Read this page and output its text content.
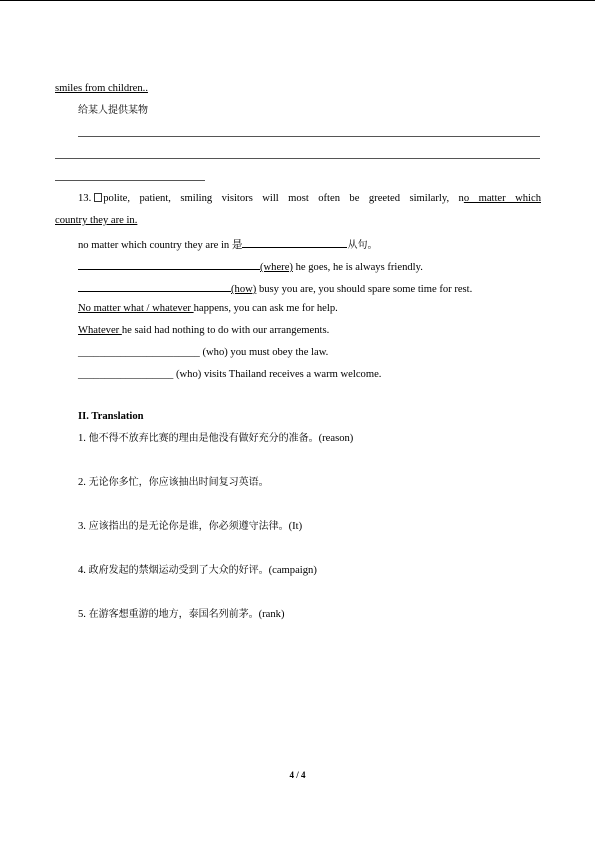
smiles from children..
给某人提供某物
13. polite, patient, smiling visitors will most often be greeted similarly, no matter which
country they are in.
no matter which country they are in 是	从句。
(where) he goes, he is always friendly.
(how) busy you are, you should spare some time for rest.
No matter what / whatever happens, you can ask me for help.
Whatever he said had nothing to do with our arrangements.
_______________________ (who) you must obey the law.
__________________ (who) visits Thailand receives a warm welcome.
II. Translation
1. 他不得不放弃比赛的理由是他没有做好充分的准备。(reason)
2. 无论你多忙，你应该抽出时间复习英语。
3. 应该指出的是无论你是谁，你必须遵守法律。(It)
4. 政府发起的禁烟运动受到了大众的好评。(campaign)
5. 在游客想重游的地方，泰国名列前茅。(rank)
4 / 4
